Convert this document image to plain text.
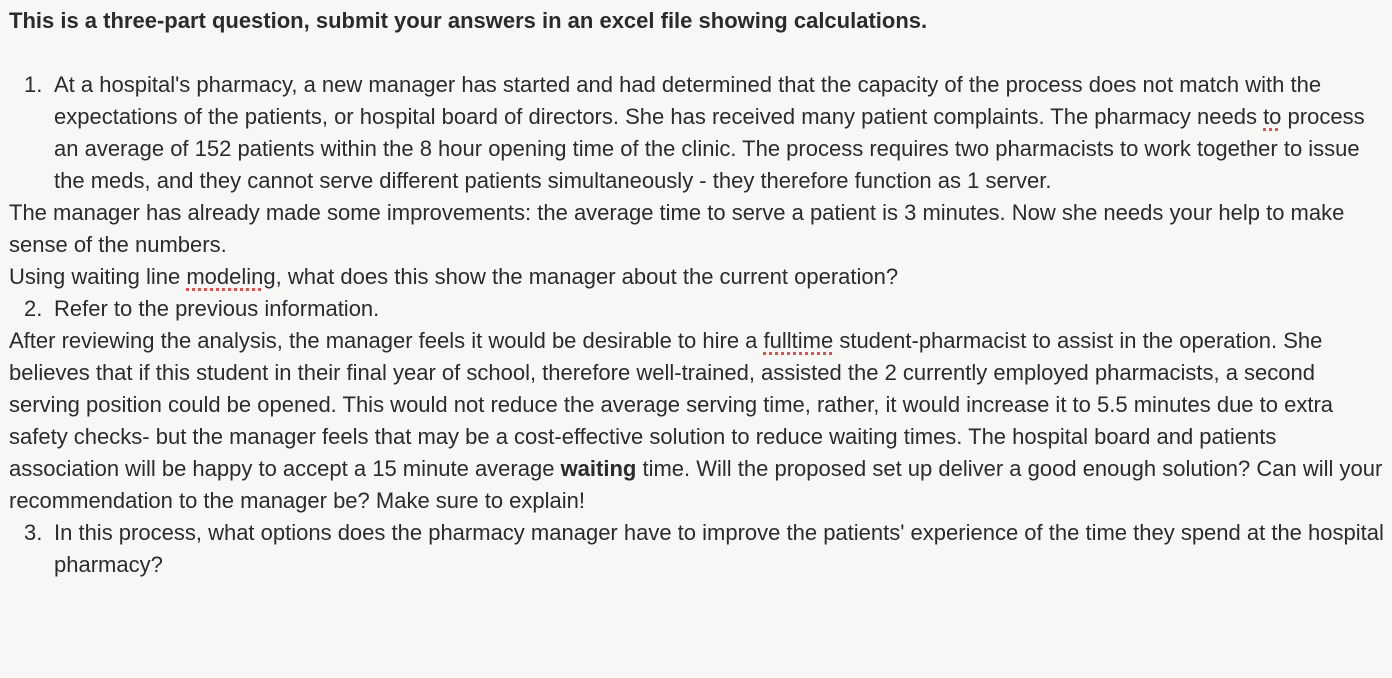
This is a three-part question, submit your answers in an excel file showing calculations.
1. At a hospital's pharmacy, a new manager has started and had determined that the capacity of the process does not match with the expectations of the patients, or hospital board of directors. She has received many patient complaints. The pharmacy needs to process an average of 152 patients within the 8 hour opening time of the clinic. The process requires two pharmacists to work together to issue the meds, and they cannot serve different patients simultaneously - they therefore function as 1 server.

The manager has already made some improvements: the average time to serve a patient is 3 minutes. Now she needs your help to make sense of the numbers.

Using waiting line modeling, what does this show the manager about the current operation?

2. Refer to the previous information.

After reviewing the analysis, the manager feels it would be desirable to hire a fulltime student-pharmacist to assist in the operation. She believes that if this student in their final year of school, therefore well-trained, assisted the 2 currently employed pharmacists, a second serving position could be opened. This would not reduce the average serving time, rather, it would increase it to 5.5 minutes due to extra safety checks- but the manager feels that may be a cost-effective solution to reduce waiting times. The hospital board and patients association will be happy to accept a 15 minute average waiting time. Will the proposed set up deliver a good enough solution? Can will your recommendation to the manager be? Make sure to explain!

3. In this process, what options does the pharmacy manager have to improve the patients' experience of the time they spend at the hospital pharmacy?
